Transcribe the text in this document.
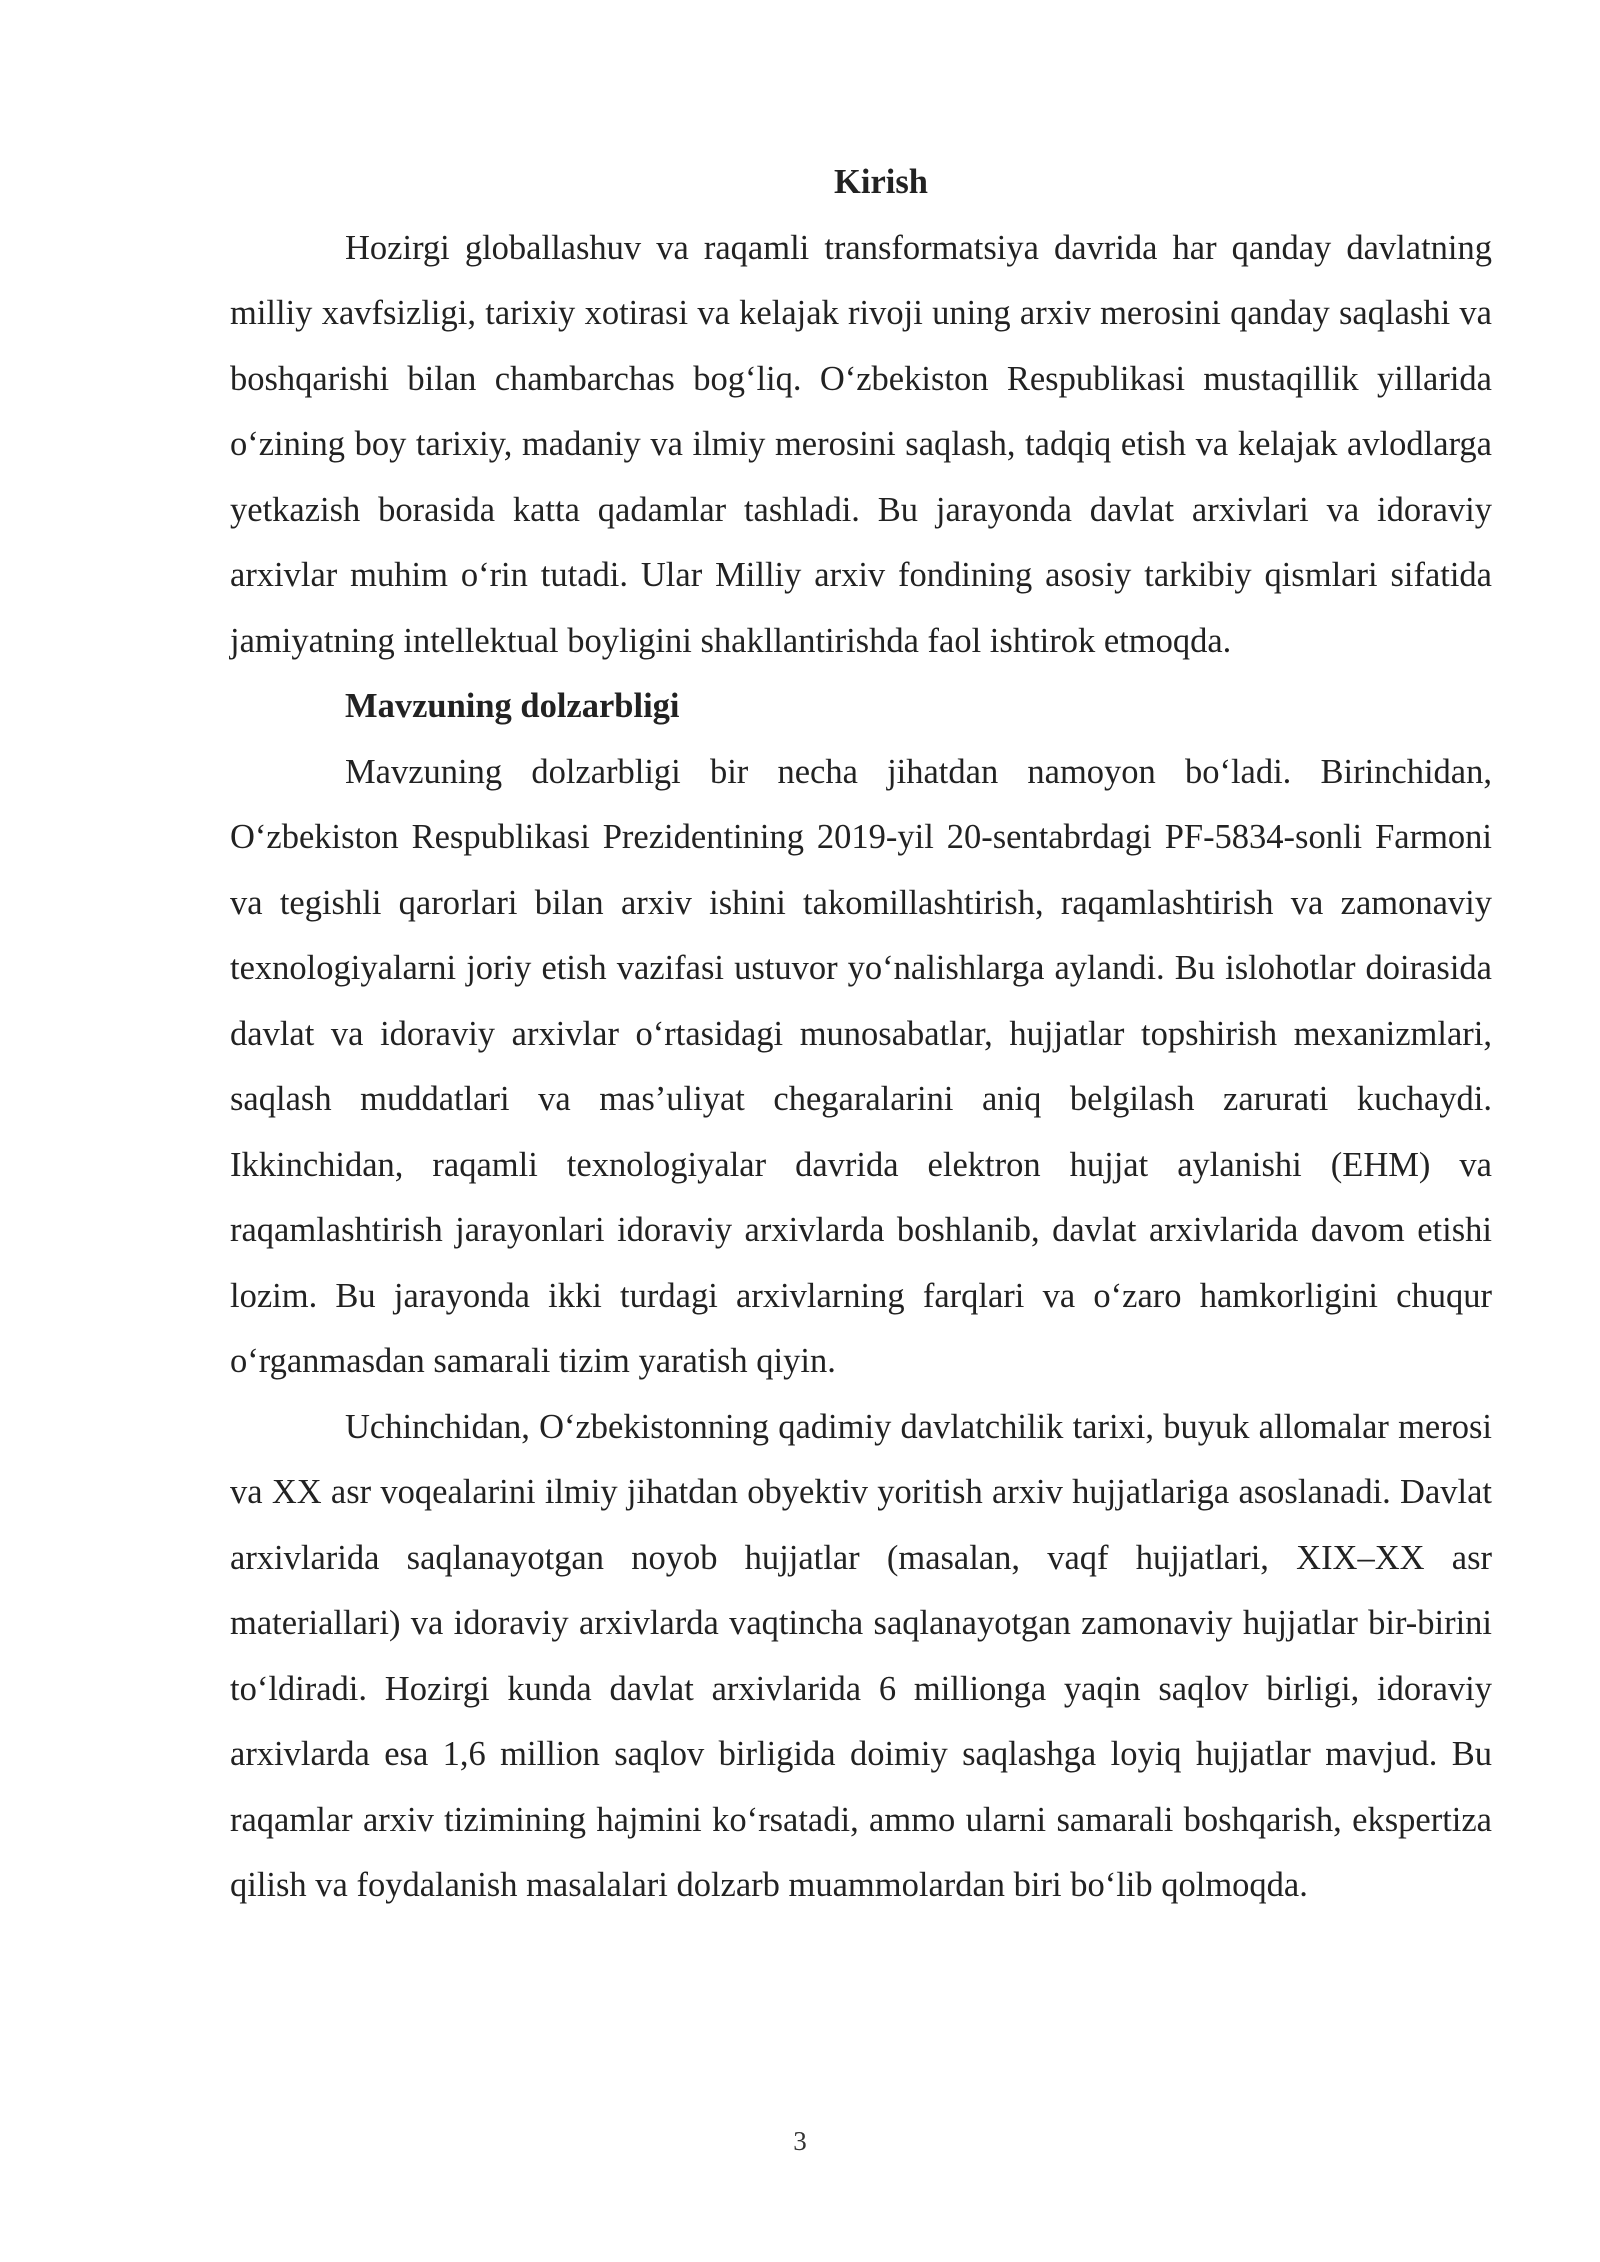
Kirish

Hozirgi globallashuv va raqamli transformatsiya davrida har qanday davlatning milliy xavfsizligi, tarixiy xotirasi va kelajak rivoji uning arxiv merosini qanday saqlashi va boshqarishi bilan chambarchas bog‘liq. O‘zbekiston Respublikasi mustaqillik yillarida o‘zining boy tarixiy, madaniy va ilmiy merosini saqlash, tadqiq etish va kelajak avlodlarga yetkazish borasida katta qadamlar tashladi. Bu jarayonda davlat arxivlari va idoraviy arxivlar muhim o‘rin tutadi. Ular Milliy arxiv fondining asosiy tarkibiy qismlari sifatida jamiyatning intellektual boyligini shakllantirishda faol ishtirok etmoqda.

Mavzuning dolzarbligi

Mavzuning dolzarbligi bir necha jihatdan namoyon bo‘ladi. Birinchidan, O‘zbekiston Respublikasi Prezidentining 2019-yil 20-sentabrdagi PF-5834-sonli Farmoni va tegishli qarorlari bilan arxiv ishini takomillashtirish, raqamlashtirish va zamonaviy texnologiyalarni joriy etish vazifasi ustuvor yo‘nalishlarga aylandi. Bu islohotlar doirasida davlat va idoraviy arxivlar o‘rtasidagi munosabatlar, hujjatlar topshirish mexanizmlari, saqlash muddatlari va mas’uliyat chegaralarini aniq belgilash zarurati kuchaydi. Ikkinchidan, raqamli texnologiyalar davrida elektron hujjat aylanishi (EHM) va raqamlashtirish jarayonlari idoraviy arxivlarda boshlanib, davlat arxivlarida davom etishi lozim. Bu jarayonda ikki turdagi arxivlarning farqlari va o‘zaro hamkorligini chuqur o‘rganmasdan samarali tizim yaratish qiyin.

Uchinchidan, O‘zbekistonning qadimiy davlatchilik tarixi, buyuk allomalar merosi va XX asr voqealarini ilmiy jihatdan obyektiv yoritish arxiv hujjatlariga asoslanadi. Davlat arxivlarida saqlanayotgan noyob hujjatlar (masalan, vaqf hujjatlari, XIX–XX asr materiallari) va idoraviy arxivlarda vaqtincha saqlanayotgan zamonaviy hujjatlar bir-birini to‘ldiradi. Hozirgi kunda davlat arxivlarida 6 millionga yaqin saqlov birligi, idoraviy arxivlarda esa 1,6 million saqlov birligida doimiy saqlashga loyiq hujjatlar mavjud. Bu raqamlar arxiv tizimining hajmini ko‘rsatadi, ammo ularni samarali boshqarish, ekspertiza qilish va foydalanish masalalari dolzarb muammolardan biri bo‘lib qolmoqda.

3
